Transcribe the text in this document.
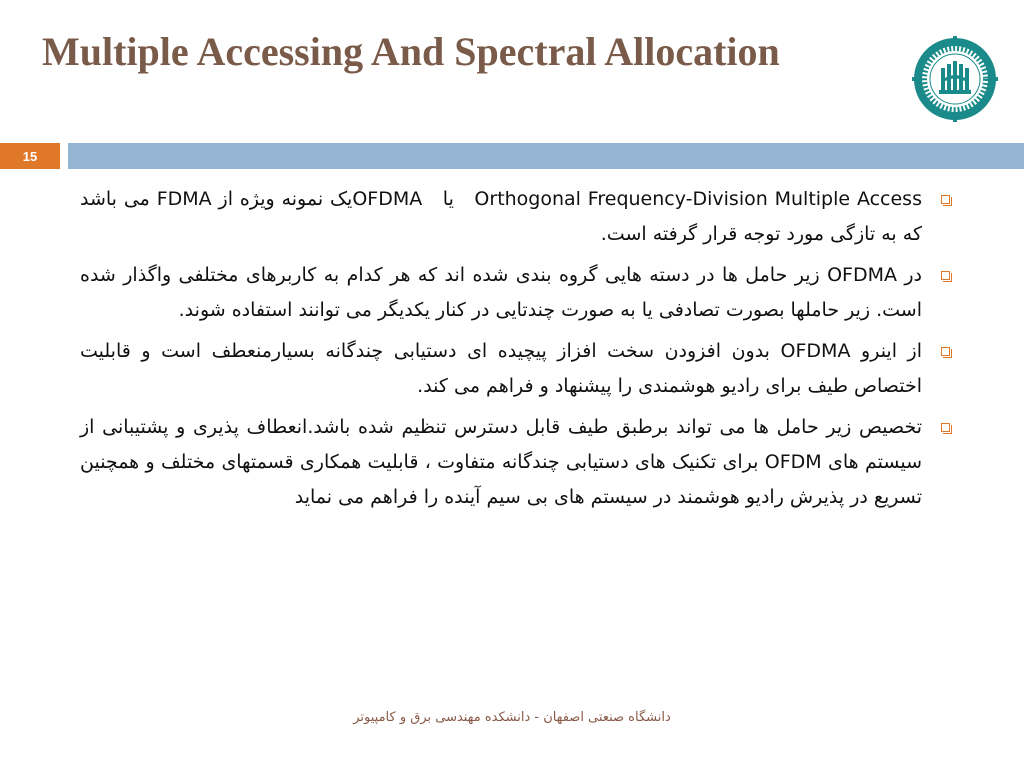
Multiple Accessing And Spectral Allocation
15
Orthogonal Frequency-Division Multiple Access   یا   OFDMAیک نمونه ویژه از FDMA می باشد که به تازگی مورد توجه قرار گرفته است.
در OFDMA زیر حامل ها در دسته هایی گروه بندی شده اند که هر کدام به کاربرهای مختلفی واگذار شده است. زیر حاملها بصورت تصادفی یا به صورت چندتایی در کنار یکدیگر می توانند استفاده شوند.
از اینرو OFDMA بدون افزودن سخت افزاز پیچیده ای دستیابی چندگانه بسیارمنعطف است و قابلیت اختصاص طیف برای رادیو هوشمندی را پیشنهاد و فراهم می کند.
تخصیص زیر حامل ها می تواند برطبق طیف قابل دسترس تنظیم شده باشد.انعطاف پذیری و پشتیبانی از سیستم های OFDM برای تکنیک های دستیابی چندگانه متفاوت ، قابلیت همکاری قسمتهای مختلف و همچنین تسریع در پذیرش رادیو هوشمند در سیستم های بی سیم آینده را فراهم می نماید
دانشگاه صنعتی اصفهان - دانشکده مهندسی برق و کامپیوتر
